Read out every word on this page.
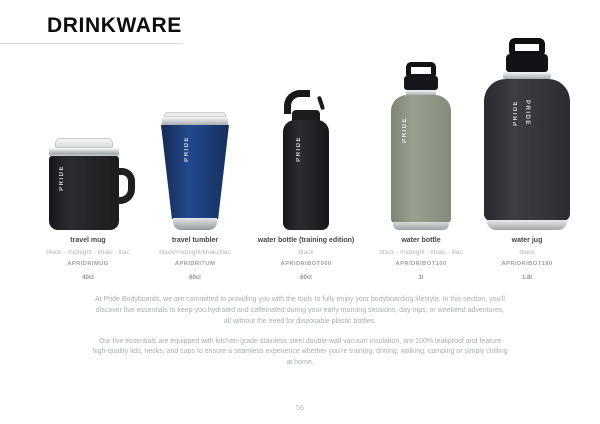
DRINKWARE
PRIDE
travel mug
black - midnight - khaki - lilac
APRIDRIMUG
-
40cl
PRIDE
travel tumbler
black/midnight/khaki/lilac
APRIDRITUM
-
60cl
PRIDE
water bottle (training edition)
black
APRIDRIBOT060
-
60cl
PRIDE
water bottle
black - midnight - khaki - lilac
APRIDRIBOT100
-
1l
PRIDE PRIDE
water jug
black
APRIDRIBOT180
-
1.8l

At Pride Bodyboards, we are committed to providing you with the tools to fully enjoy your bodyboarding lifestyle. In this section, you'll discover five essentials to keep you hydrated and caffeinated during your early morning sessions, day trips, or weekend adventures, all without the need for disposable plastic bottles.

Our five essentials are equipped with kitchen-grade stainless steel double-wall vacuum insulation, are 100% leakproof and feature high-quality lids, necks, and caps to ensure a seamless experience whether you're training, driving, walking, camping or simply chilling at home.

56
